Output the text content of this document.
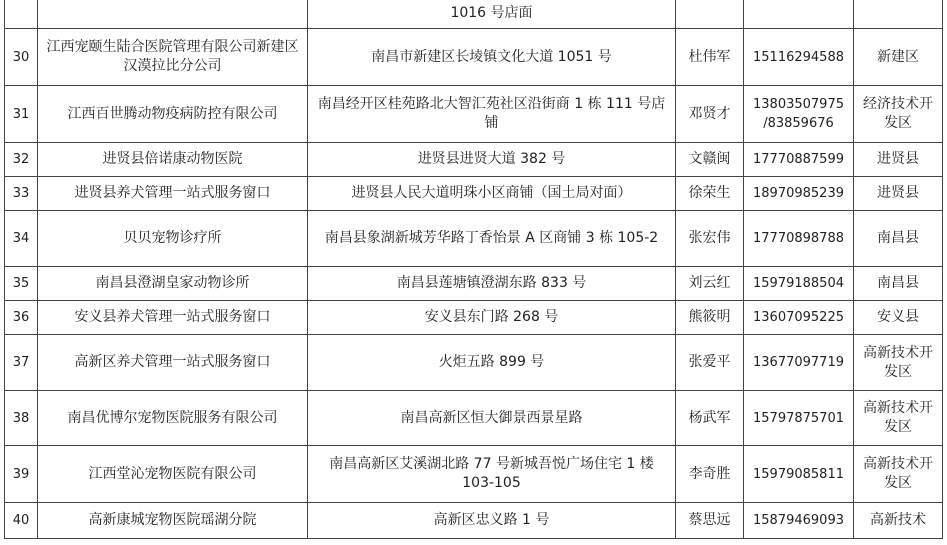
		1016 号店面			
30	江西宠颐生陆合医院管理有限公司新建区汉漠拉比分公司	南昌市新建区长堎镇文化大道 1051 号	杜伟军	15116294588	新建区
31	江西百世腾动物疫病防控有限公司	南昌经开区桂苑路北大智汇苑社区沿街商 1 栋 111 号店铺	邓贤才	13803507975 /83859676	经济技术开发区
32	进贤县倍诺康动物医院	进贤县进贤大道 382 号	文赣闽	17770887599	进贤县
33	进贤县养犬管理一站式服务窗口	进贤县人民大道明珠小区商铺（国土局对面）	徐荣生	18970985239	进贤县
34	贝贝宠物诊疗所	南昌县象湖新城芳华路丁香怡景 A 区商铺 3 栋 105-2	张宏伟	17770898788	南昌县
35	南昌县澄湖皇家动物诊所	南昌县莲塘镇澄湖东路 833 号	刘云红	15979188504	南昌县
36	安义县养犬管理一站式服务窗口	安义县东门路 268 号	熊筱明	13607095225	安义县
37	高新区养犬管理一站式服务窗口	火炬五路 899 号	张爱平	13677097719	高新技术开发区
38	南昌优博尔宠物医院服务有限公司	南昌高新区恒大御景西景星路	杨武军	15797875701	高新技术开发区
39	江西堂沁宠物医院有限公司	南昌高新区艾溪湖北路 77 号新城吾悦广场住宅 1 楼 103-105	李奇胜	15979085811	高新技术开发区
40	高新康城宠物医院瑶湖分院	高新区忠义路 1 号	蔡思远	15879469093	高新技术
